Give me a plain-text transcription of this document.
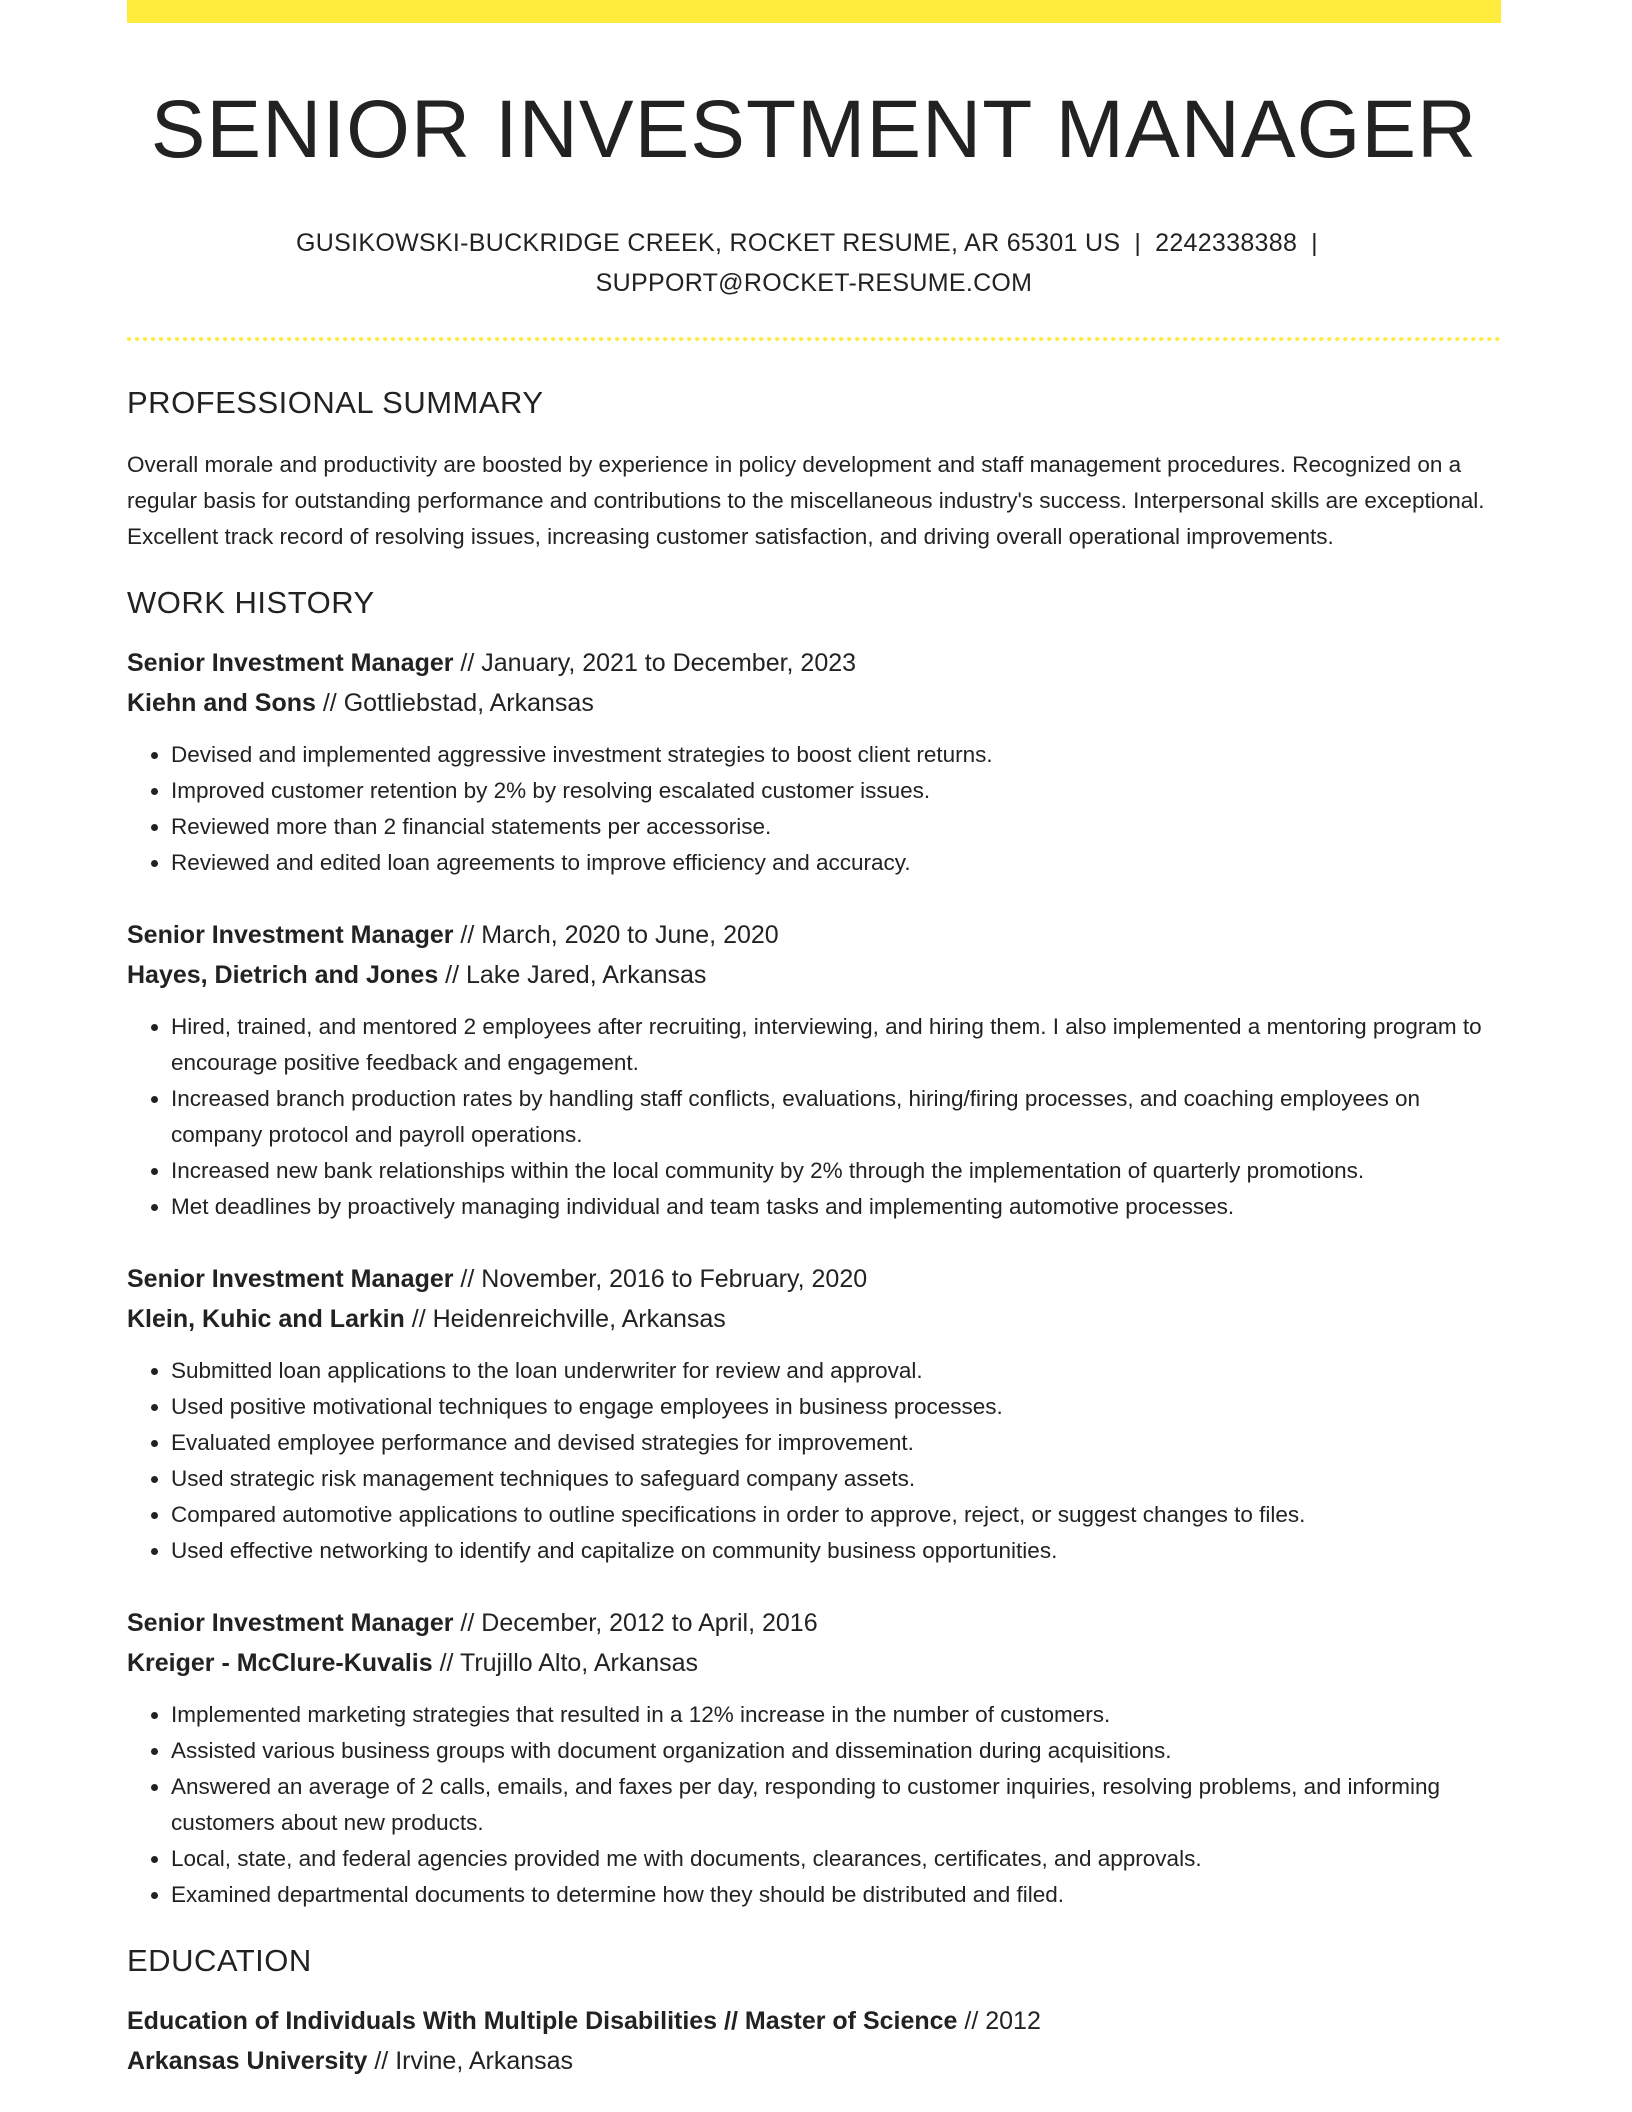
SENIOR INVESTMENT MANAGER
GUSIKOWSKI-BUCKRIDGE CREEK, ROCKET RESUME, AR 65301 US | 2242338388 |
SUPPORT@ROCKET-RESUME.COM
PROFESSIONAL SUMMARY

Overall morale and productivity are boosted by experience in policy development and staff management procedures. Recognized on a regular basis for outstanding performance and contributions to the miscellaneous industry's success. Interpersonal skills are exceptional. Excellent track record of resolving issues, increasing customer satisfaction, and driving overall operational improvements.

WORK HISTORY
Senior Investment Manager // January, 2021 to December, 2023
Kiehn and Sons // Gottliebstad, Arkansas
• Devised and implemented aggressive investment strategies to boost client returns.
• Improved customer retention by 2% by resolving escalated customer issues.
• Reviewed more than 2 financial statements per accessorise.
• Reviewed and edited loan agreements to improve efficiency and accuracy.
Senior Investment Manager // March, 2020 to June, 2020
Hayes, Dietrich and Jones // Lake Jared, Arkansas
• Hired, trained, and mentored 2 employees after recruiting, interviewing, and hiring them. I also implemented a mentoring program to encourage positive feedback and engagement.
• Increased branch production rates by handling staff conflicts, evaluations, hiring/firing processes, and coaching employees on company protocol and payroll operations.
• Increased new bank relationships within the local community by 2% through the implementation of quarterly promotions.
• Met deadlines by proactively managing individual and team tasks and implementing automotive processes.
Senior Investment Manager // November, 2016 to February, 2020
Klein, Kuhic and Larkin // Heidenreichville, Arkansas
• Submitted loan applications to the loan underwriter for review and approval.
• Used positive motivational techniques to engage employees in business processes.
• Evaluated employee performance and devised strategies for improvement.
• Used strategic risk management techniques to safeguard company assets.
• Compared automotive applications to outline specifications in order to approve, reject, or suggest changes to files.
• Used effective networking to identify and capitalize on community business opportunities.
Senior Investment Manager // December, 2012 to April, 2016
Kreiger - McClure-Kuvalis // Trujillo Alto, Arkansas
• Implemented marketing strategies that resulted in a 12% increase in the number of customers.
• Assisted various business groups with document organization and dissemination during acquisitions.
• Answered an average of 2 calls, emails, and faxes per day, responding to customer inquiries, resolving problems, and informing customers about new products.
• Local, state, and federal agencies provided me with documents, clearances, certificates, and approvals.
• Examined departmental documents to determine how they should be distributed and filed.
EDUCATION
Education of Individuals With Multiple Disabilities // Master of Science // 2012
Arkansas University // Irvine, Arkansas
